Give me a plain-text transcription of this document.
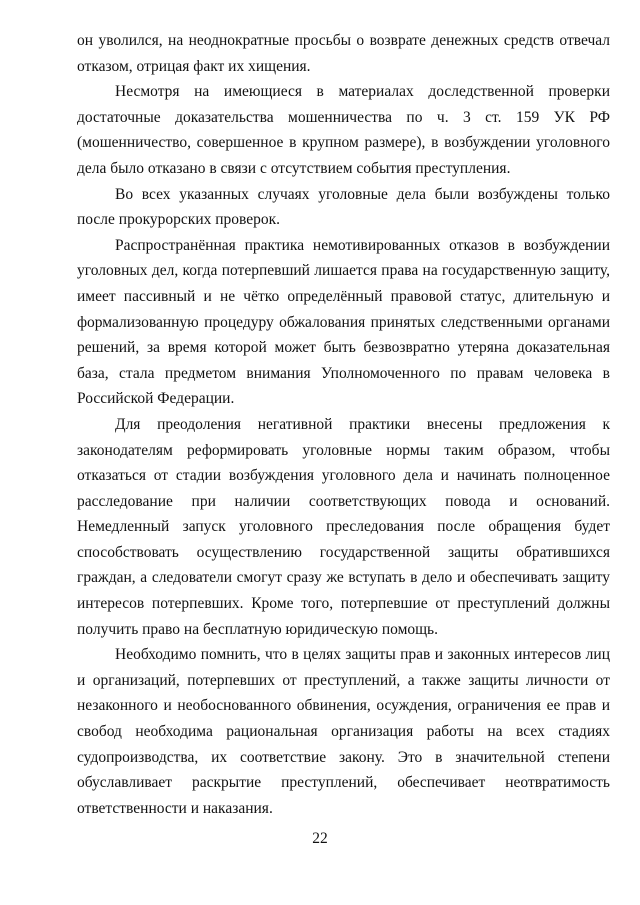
он уволился, на неоднократные просьбы о возврате денежных средств отвечал отказом, отрицая факт их хищения.

Несмотря на имеющиеся в материалах доследственной проверки достаточные доказательства мошенничества по ч. 3 ст. 159 УК РФ (мошенничество, совершенное в крупном размере), в возбуждении уголовного дела было отказано в связи с отсутствием события преступления.

Во всех указанных случаях уголовные дела были возбуждены только после прокурорских проверок.

Распространённая практика немотивированных отказов в возбуждении уголовных дел, когда потерпевший лишается права на государственную защиту, имеет пассивный и не чётко определённый правовой статус, длительную и формализованную процедуру обжалования принятых следственными органами решений, за время которой может быть безвозвратно утеряна доказательная база, стала предметом внимания Уполномоченного по правам человека в Российской Федерации.

Для преодоления негативной практики внесены предложения к законодателям реформировать уголовные нормы таким образом, чтобы отказаться от стадии возбуждения уголовного дела и начинать полноценное расследование при наличии соответствующих повода и оснований. Немедленный запуск уголовного преследования после обращения будет способствовать осуществлению государственной защиты обратившихся граждан, а следователи смогут сразу же вступать в дело и обеспечивать защиту интересов потерпевших. Кроме того, потерпевшие от преступлений должны получить право на бесплатную юридическую помощь.

Необходимо помнить, что в целях защиты прав и законных интересов лиц и организаций, потерпевших от преступлений, а также защиты личности от незаконного и необоснованного обвинения, осуждения, ограничения ее прав и свобод необходима рациональная организация работы на всех стадиях судопроизводства, их соответствие закону. Это в значительной степени обуславливает раскрытие преступлений, обеспечивает неотвратимость ответственности и наказания.

22
